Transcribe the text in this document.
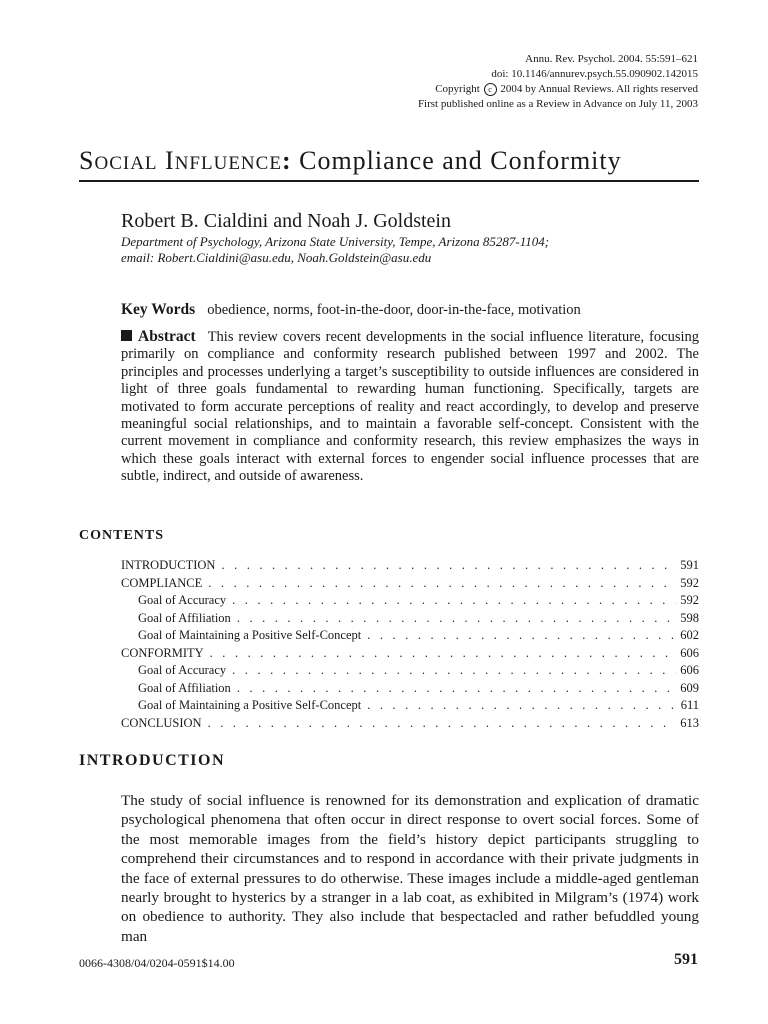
Annu. Rev. Psychol. 2004. 55:591–621
doi: 10.1146/annurev.psych.55.090902.142015
Copyright c 2004 by Annual Reviews. All rights reserved
First published online as a Review in Advance on July 11, 2003
SOCIAL INFLUENCE: Compliance and Conformity
Robert B. Cialdini and Noah J. Goldstein
Department of Psychology, Arizona State University, Tempe, Arizona 85287-1104;
email: Robert.Cialdini@asu.edu, Noah.Goldstein@asu.edu
Key Words obedience, norms, foot-in-the-door, door-in-the-face, motivation
Abstract This review covers recent developments in the social influence literature, focusing primarily on compliance and conformity research published between 1997 and 2002. The principles and processes underlying a target’s susceptibility to outside influences are considered in light of three goals fundamental to rewarding human functioning. Specifically, targets are motivated to form accurate perceptions of reality and react accordingly, to develop and preserve meaningful social relationships, and to maintain a favorable self-concept. Consistent with the current movement in compliance and conformity research, this review emphasizes the ways in which these goals interact with external forces to engender social influence processes that are subtle, indirect, and outside of awareness.
CONTENTS
INTRODUCTION . . .	591
COMPLIANCE . . .	592
Goal of Accuracy . . .	592
Goal of Affiliation . . .	598
Goal of Maintaining a Positive Self-Concept . . .	602
CONFORMITY . . .	606
Goal of Accuracy . . .	606
Goal of Affiliation . . .	609
Goal of Maintaining a Positive Self-Concept . . .	611
CONCLUSION . . .	613
INTRODUCTION
The study of social influence is renowned for its demonstration and explication of dramatic psychological phenomena that often occur in direct response to overt social forces. Some of the most memorable images from the field’s history depict participants struggling to comprehend their circumstances and to respond in accordance with their private judgments in the face of external pressures to do otherwise. These images include a middle-aged gentleman nearly brought to hysterics by a stranger in a lab coat, as exhibited in Milgram’s (1974) work on obedience to authority. They also include that bespectacled and rather befuddled young man
0066-4308/04/0204-0591$14.00	591
